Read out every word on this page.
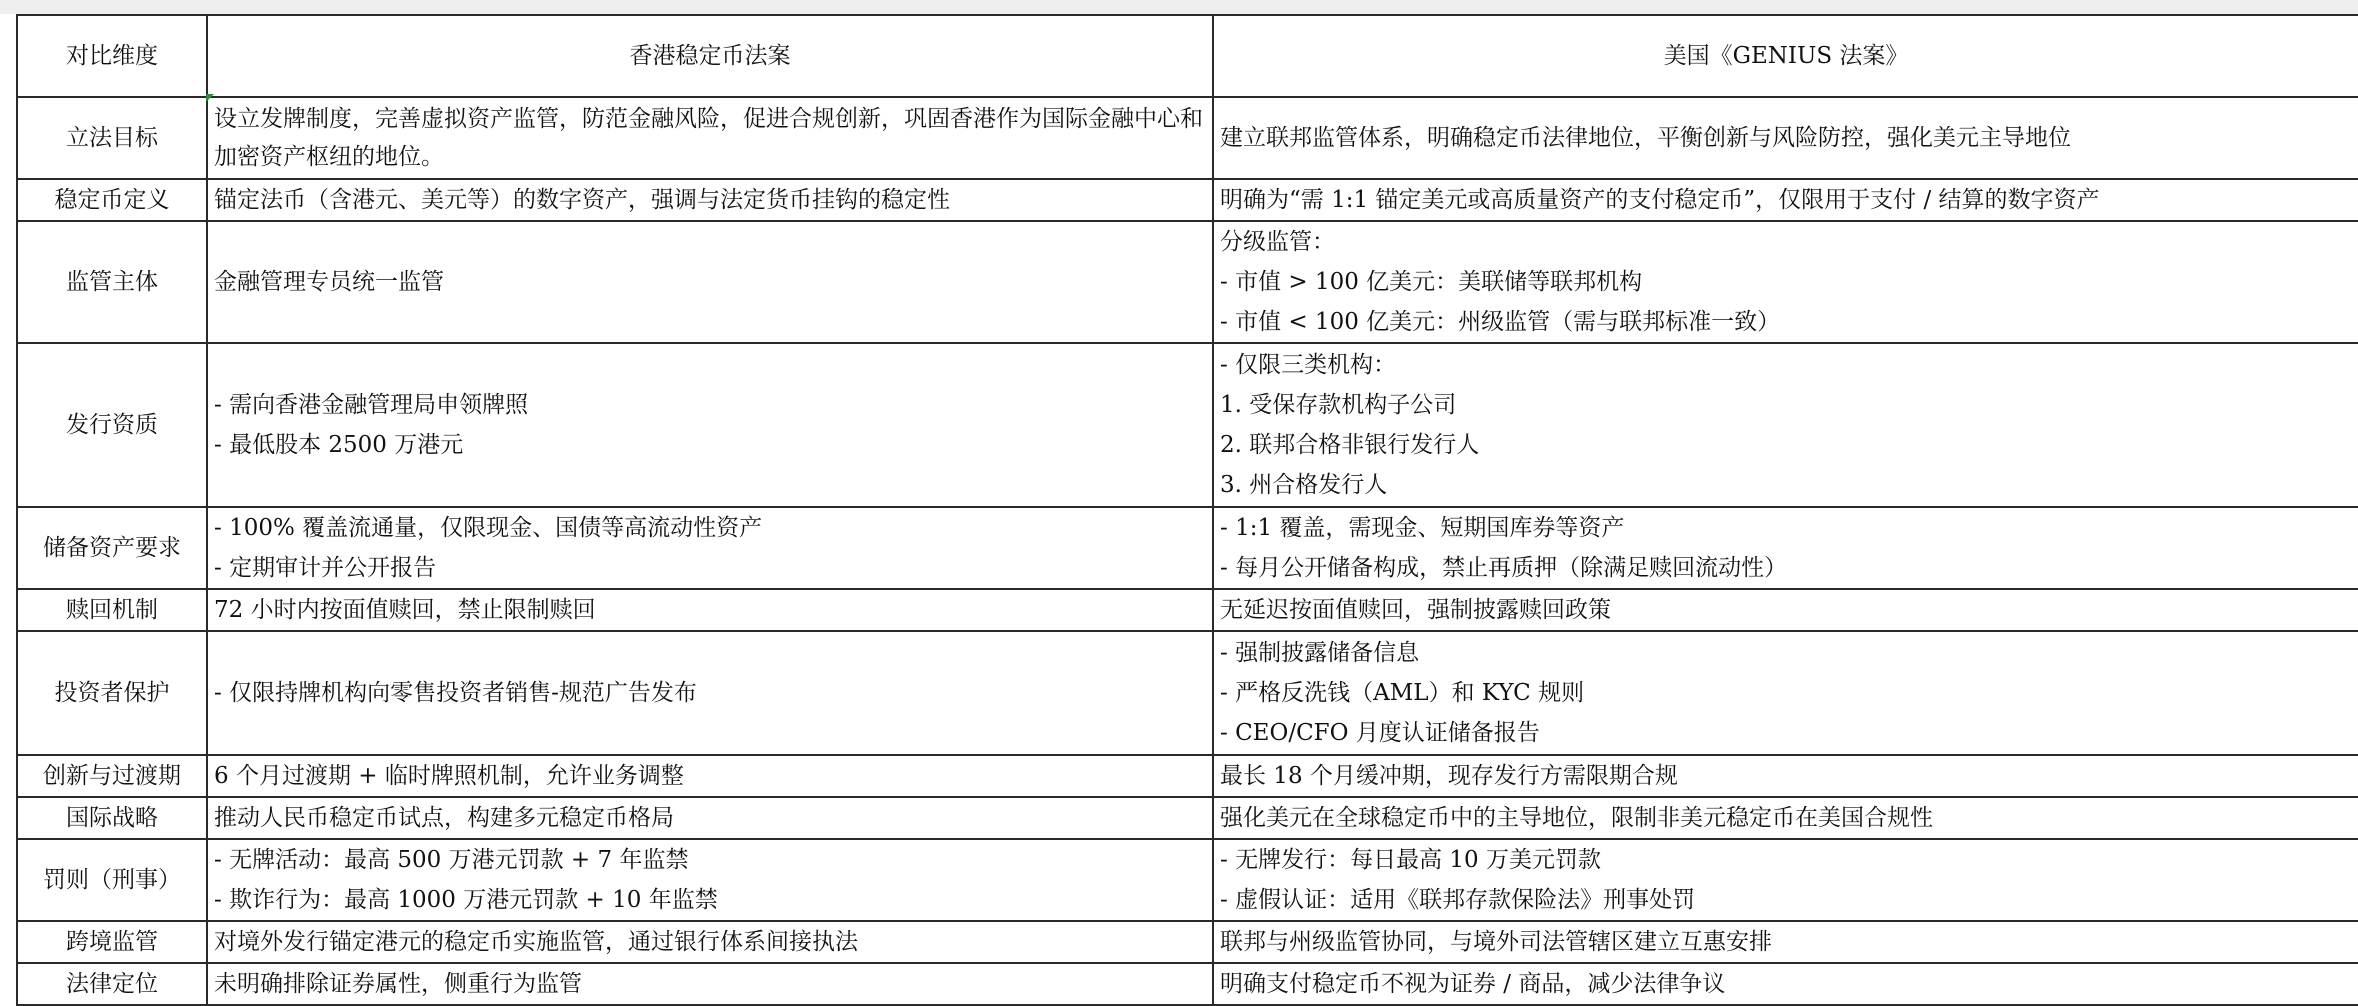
对比维度	香港稳定币法案	美国《GENIUS 法案》
立法目标	设立发牌制度，完善虚拟资产监管，防范金融风险，促进合规创新，巩固香港作为国际金融中心和加密资产枢纽的地位。	建立联邦监管体系，明确稳定币法律地位，平衡创新与风险防控，强化美元主导地位

稳定币定义	锚定法币（含港元、美元等）的数字资产，强调与法定货币挂钩的稳定性	明确为“需 1:1 锚定美元或高质量资产的支付稳定币”，仅限用于支付 / 结算的数字资产

监管主体	金融管理专员统一监管	分级监管：
- 市值 > 100 亿美元：美联储等联邦机构
- 市值 < 100 亿美元：州级监管（需与联邦标准一致）

发行资质	- 需向香港金融管理局申领牌照
- 最低股本 2500 万港元	- 仅限三类机构：
1. 受保存款机构子公司
2. 联邦合格非银行发行人
3. 州合格发行人

储备资产要求	- 100% 覆盖流通量，仅限现金、国债等高流动性资产
- 定期审计并公开报告	- 1:1 覆盖，需现金、短期国库券等资产
- 每月公开储备构成，禁止再质押（除满足赎回流动性）

赎回机制	72 小时内按面值赎回，禁止限制赎回	无延迟按面值赎回，强制披露赎回政策

投资者保护	- 仅限持牌机构向零售投资者销售-规范广告发布	- 强制披露储备信息
- 严格反洗钱（AML）和 KYC 规则
- CEO/CFO 月度认证储备报告

创新与过渡期	6 个月过渡期 + 临时牌照机制，允许业务调整	最长 18 个月缓冲期，现存发行方需限期合规

国际战略	推动人民币稳定币试点，构建多元稳定币格局	强化美元在全球稳定币中的主导地位，限制非美元稳定币在美国合规性

罚则（刑事）	- 无牌活动：最高 500 万港元罚款 + 7 年监禁
- 欺诈行为：最高 1000 万港元罚款 + 10 年监禁	- 无牌发行：每日最高 10 万美元罚款
- 虚假认证：适用《联邦存款保险法》刑事处罚

跨境监管	对境外发行锚定港元的稳定币实施监管，通过银行体系间接执法	联邦与州级监管协同，与境外司法管辖区建立互惠安排

法律定位	未明确排除证券属性，侧重行为监管	明确支付稳定币不视为证券 / 商品，减少法律争议
